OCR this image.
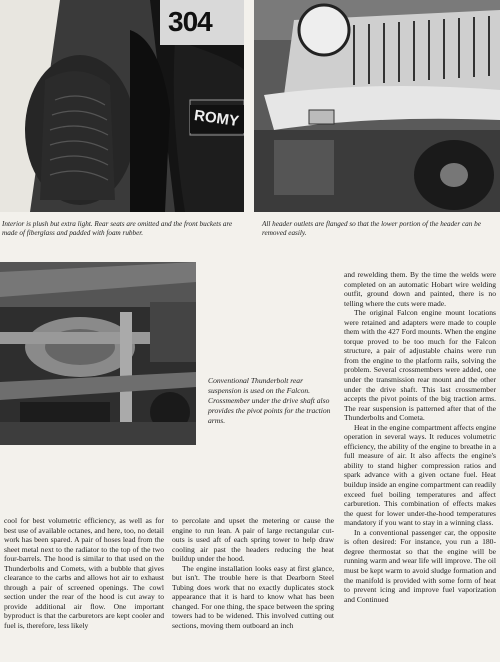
304
ROMY
Interior is plush but extra light. Rear seats are omitted and the front buckets are made of fiberglass and padded with foam rubber.
All header outlets are flanged so that the lower portion of the header can be removed easily.
Conventional Thunderbolt rear suspension is used on the Falcon. Crossmember under the drive shaft also provides the pivot points for the traction arms.

and rewelding them. By the time the welds were completed on an automatic Hobart wire welding outfit, ground down and painted, there is no telling where the cuts were made.

The original Falcon engine mount locations were retained and adapters were made to couple them with the 427 Ford mounts. When the engine torque proved to be too much for the Falcon structure, a pair of adjustable chains were run from the engine to the platform rails, solving the problem. Several crossmembers were added, one under the transmission rear mount and the other under the drive shaft. This last crossmember accepts the pivot points of the big traction arms. The rear suspension is patterned after that of the Thunderbolts and Cometa.

Heat in the engine compartment affects engine operation in several ways. It reduces volumetric efficiency, the ability of the engine to breathe in a full measure of air. It also affects the engine's ability to stand higher compression ratios and spark advance with a given octane fuel. Heat buildup inside an engine compartment can readily exceed fuel boiling temperatures and affect carburetion. This combination of effects makes the quest for lower under-the-hood temperatures mandatory if you want to stay in a winning class.

In a conventional passenger car, the opposite is often desired: For instance, you run a 180-degree thermostat so that the engine will be running warm and wear life will improve. The oil must be kept warm to avoid sludge formation and the manifold is provided with some form of heat to prevent icing and improve fuel vaporization and Continued

cool for best volumetric efficiency, as well as for best use of available octanes, and here, too, no detail work has been spared. A pair of hoses lead from the sheet metal next to the radiator to the top of the two four-barrels. The hood is similar to that used on the Thunderbolts and Comets, with a bubble that gives clearance to the carbs and allows hot air to exhaust through a pair of screened openings. The cowl section under the rear of the hood is cut away to provide additional air flow. One important byproduct is that the carburetors are kept cooler and fuel is, therefore, less likely

to percolate and upset the metering or cause the engine to run lean. A pair of large rectangular cut-outs is used aft of each spring tower to help draw cooling air past the headers reducing the heat buildup under the hood.

The engine installation looks easy at first glance, but isn't. The trouble here is that Dearborn Steel Tubing does work that no exactly duplicates stock appearance that it is hard to know what has been changed. For one thing, the space between the spring towers had to be widened. This involved cutting out sections, moving them outboard an inch
